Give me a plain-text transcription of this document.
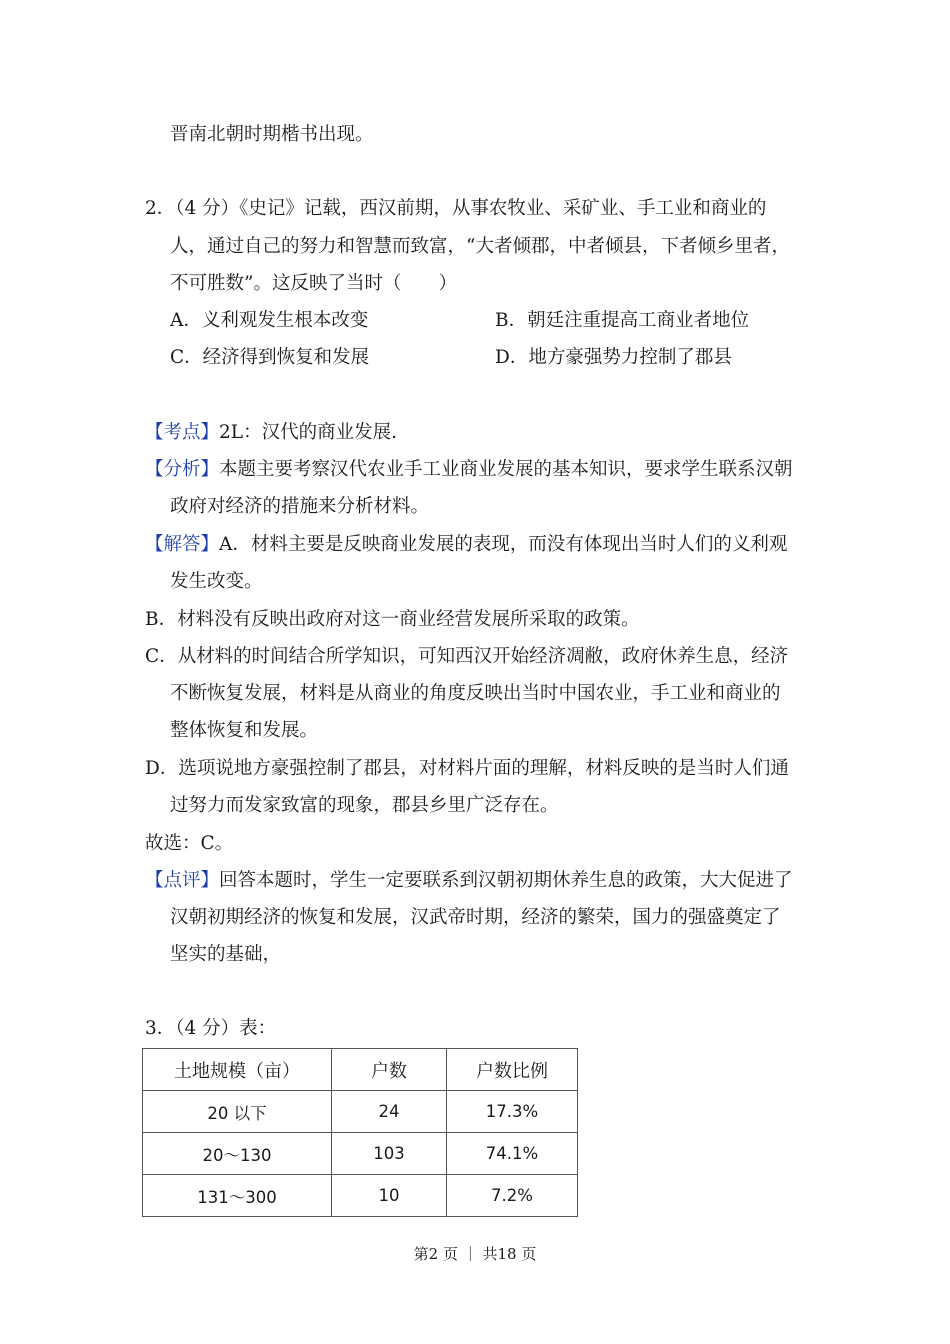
晋南北朝时期楷书出现。
2．（4 分）《史记》记载，西汉前期，从事农牧业、采矿业、手工业和商业的
人，通过自己的努力和智慧而致富，“大者倾郡，中者倾县，下者倾乡里者，
不可胜数”。这反映了当时（　　）
A．义利观发生根本改变	B．朝廷注重提高工商业者地位
C．经济得到恢复和发展	D．地方豪强势力控制了郡县
【考点】2L：汉代的商业发展.
【分析】本题主要考察汉代农业手工业商业发展的基本知识，要求学生联系汉朝
政府对经济的措施来分析材料。
【解答】A．材料主要是反映商业发展的表现，而没有体现出当时人们的义利观
发生改变。
B．材料没有反映出政府对这一商业经营发展所采取的政策。
C．从材料的时间结合所学知识，可知西汉开始经济凋敝，政府休养生息，经济
不断恢复发展，材料是从商业的角度反映出当时中国农业，手工业和商业的
整体恢复和发展。
D．选项说地方豪强控制了郡县，对材料片面的理解，材料反映的是当时人们通
过努力而发家致富的现象，郡县乡里广泛存在。
故选：C。
【点评】回答本题时，学生一定要联系到汉朝初期休养生息的政策，大大促进了
汉朝初期经济的恢复和发展，汉武帝时期，经济的繁荣，国力的强盛奠定了
坚实的基础，
3．（4 分）表：
土地规模（亩）	户数	户数比例
20 以下	24	17.3%
20～130	103	74.1%
131～300	10	7.2%
第2 页 ｜ 共18 页
